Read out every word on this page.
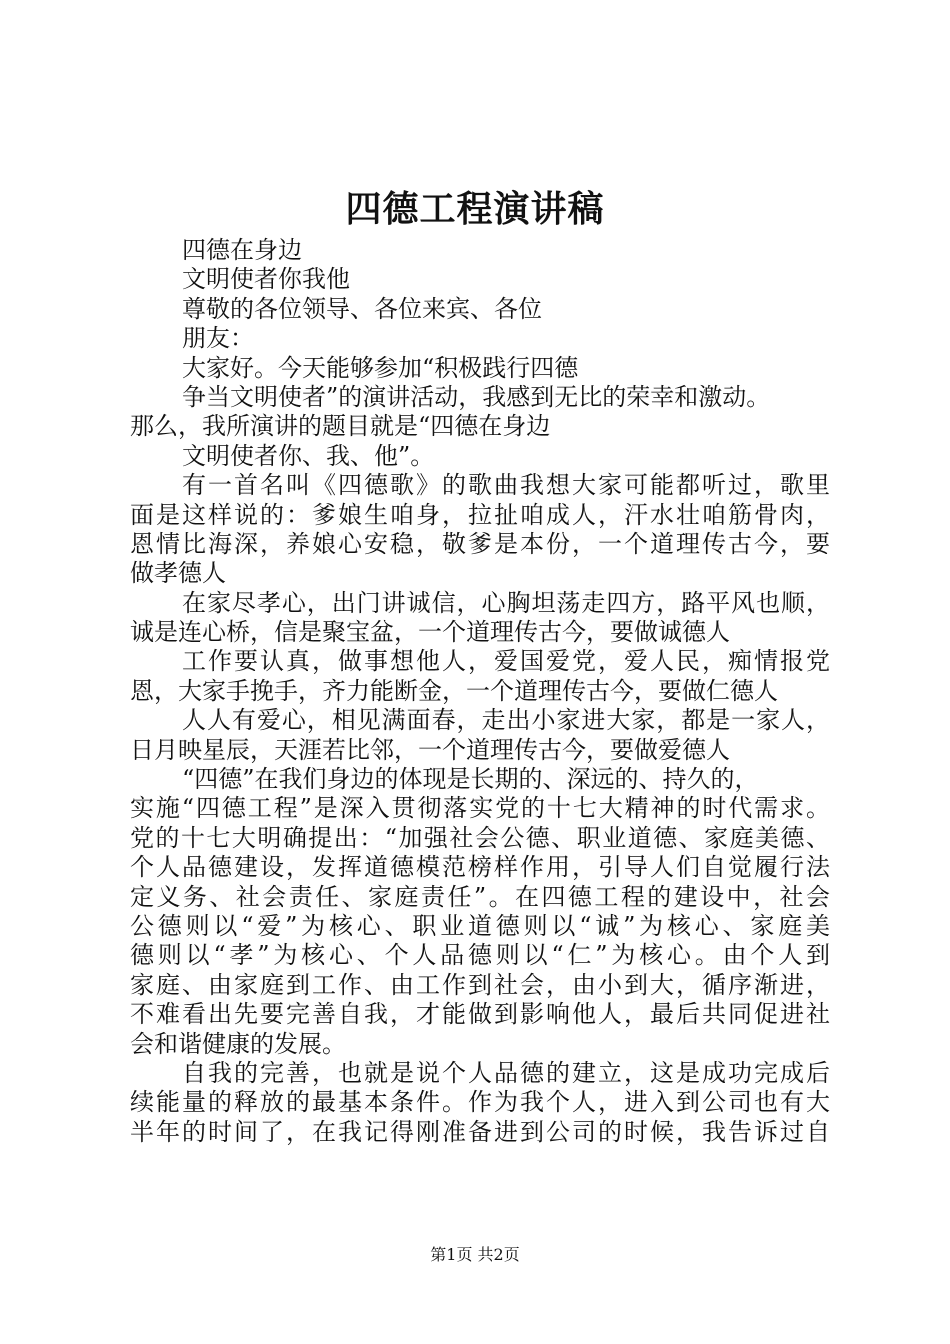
四德工程演讲稿
四德在身边
文明使者你我他
尊敬的各位领导、各位来宾、各位
朋友：
大家好。今天能够参加“积极践行四德
争当文明使者”的演讲活动，我感到无比的荣幸和激动。
那么，我所演讲的题目就是“四德在身边
文明使者你、我、他”。
有一首名叫《四德歌》的歌曲我想大家可能都听过，歌里
面是这样说的：爹娘生咱身，拉扯咱成人，汗水壮咱筋骨肉，
恩情比海深，养娘心安稳，敬爹是本份，一个道理传古今，要
做孝德人
在家尽孝心，出门讲诚信，心胸坦荡走四方，路平风也顺，
诚是连心桥，信是聚宝盆，一个道理传古今，要做诚德人
工作要认真，做事想他人，爱国爱党，爱人民，痴情报党
恩，大家手挽手，齐力能断金，一个道理传古今，要做仁德人
人人有爱心，相见满面春，走出小家进大家，都是一家人，
日月映星辰，天涯若比邻，一个道理传古今，要做爱德人
“四德”在我们身边的体现是长期的、深远的、持久的，
实施“四德工程”是深入贯彻落实党的十七大精神的时代需求。
党的十七大明确提出：“加强社会公德、职业道德、家庭美德、
个人品德建设，发挥道德模范榜样作用，引导人们自觉履行法
定义务、社会责任、家庭责任”。在四德工程的建设中，社会
公德则以“爱”为核心、职业道德则以“诚”为核心、家庭美
德则以“孝”为核心、个人品德则以“仁”为核心。由个人到
家庭、由家庭到工作、由工作到社会，由小到大，循序渐进，
不难看出先要完善自我，才能做到影响他人，最后共同促进社
会和谐健康的发展。
自我的完善，也就是说个人品德的建立，这是成功完成后
续能量的释放的最基本条件。作为我个人，进入到公司也有大
半年的时间了，在我记得刚准备进到公司的时候，我告诉过自
第1页 共2页
